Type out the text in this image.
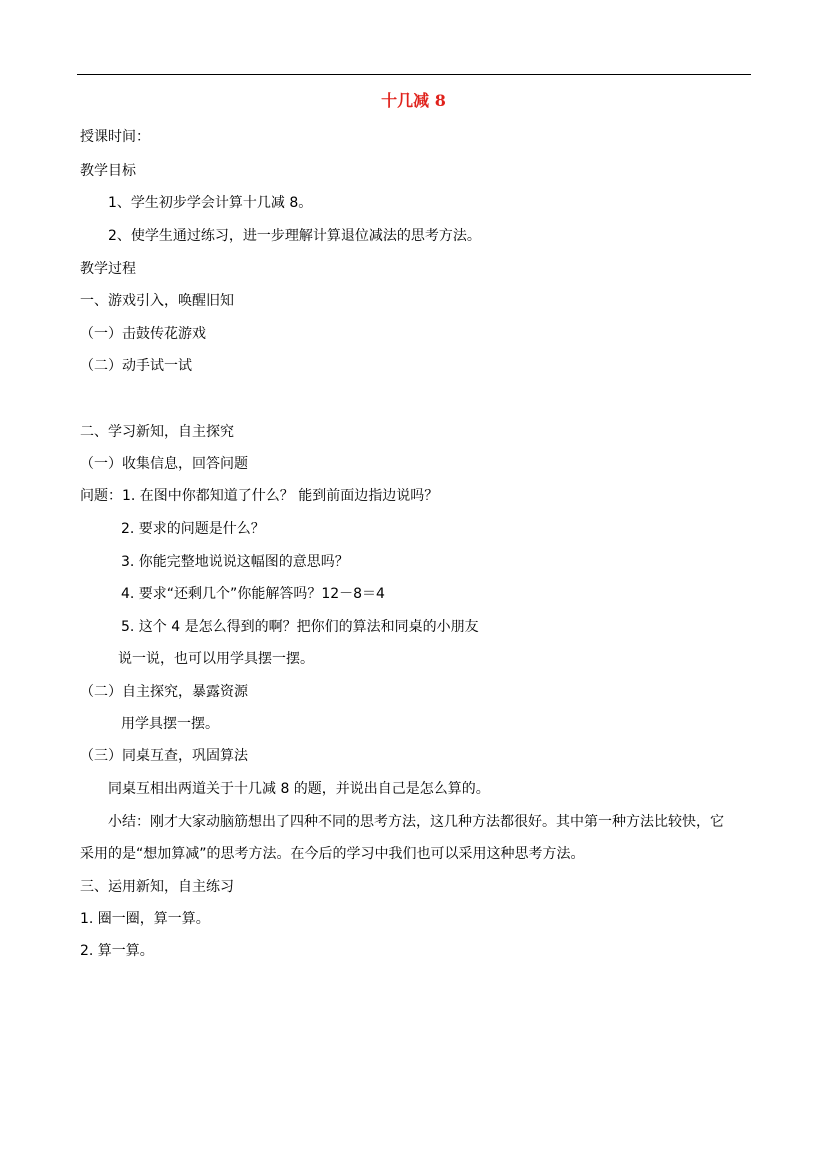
十几减 8
授课时间：
教学目标
1、学生初步学会计算十几减 8。
2、使学生通过练习，进一步理解计算退位减法的思考方法。
教学过程
一、游戏引入，唤醒旧知
（一）击鼓传花游戏
（二）动手试一试
二、学习新知，自主探究
（一）收集信息，回答问题
问题：1. 在图中你都知道了什么？ 能到前面边指边说吗？
2. 要求的问题是什么？
3. 你能完整地说说这幅图的意思吗？
4. 要求“还剩几个”你能解答吗？12－8＝4
5. 这个 4 是怎么得到的啊？把你们的算法和同桌的小朋友
说一说，也可以用学具摆一摆。
（二）自主探究，暴露资源
用学具摆一摆。
（三）同桌互查，巩固算法
同桌互相出两道关于十几减 8 的题，并说出自己是怎么算的。
小结：刚才大家动脑筋想出了四种不同的思考方法，这几种方法都很好。其中第一种方法比较快，它
采用的是“想加算减”的思考方法。在今后的学习中我们也可以采用这种思考方法。
三、运用新知，自主练习
1. 圈一圈，算一算。
2. 算一算。
